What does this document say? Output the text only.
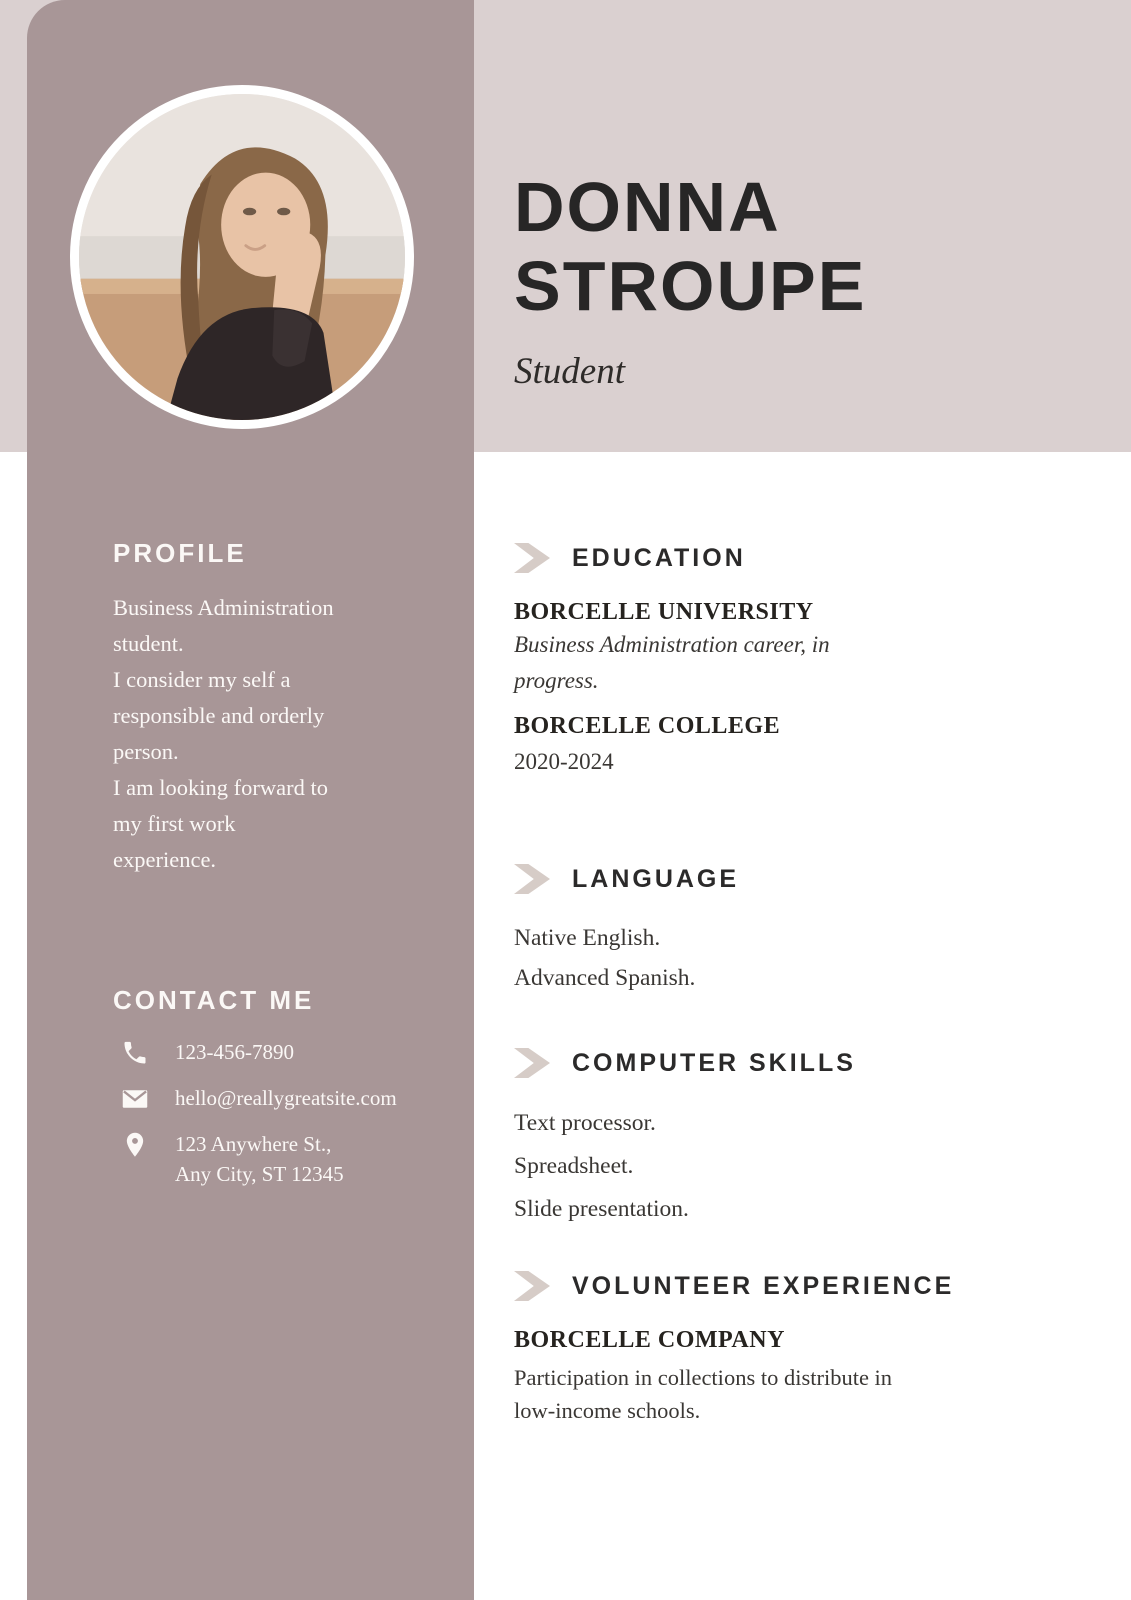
PROFILE
Business Administration
student.
I consider my self a
responsible and orderly
person.
I am looking forward to
my first work
experience.
CONTACT ME
123-456-7890
hello@reallygreatsite.com
123 Anywhere St.,
Any City, ST 12345
DONNA
STROUPE
Student
EDUCATION
BORCELLE UNIVERSITY
Business Administration career, in
progress.
BORCELLE COLLEGE
2020-2024
LANGUAGE
Native English.
Advanced Spanish.
COMPUTER SKILLS
Text processor.
Spreadsheet.
Slide presentation.
VOLUNTEER EXPERIENCE
BORCELLE COMPANY
Participation in collections to distribute in
low-income schools.
